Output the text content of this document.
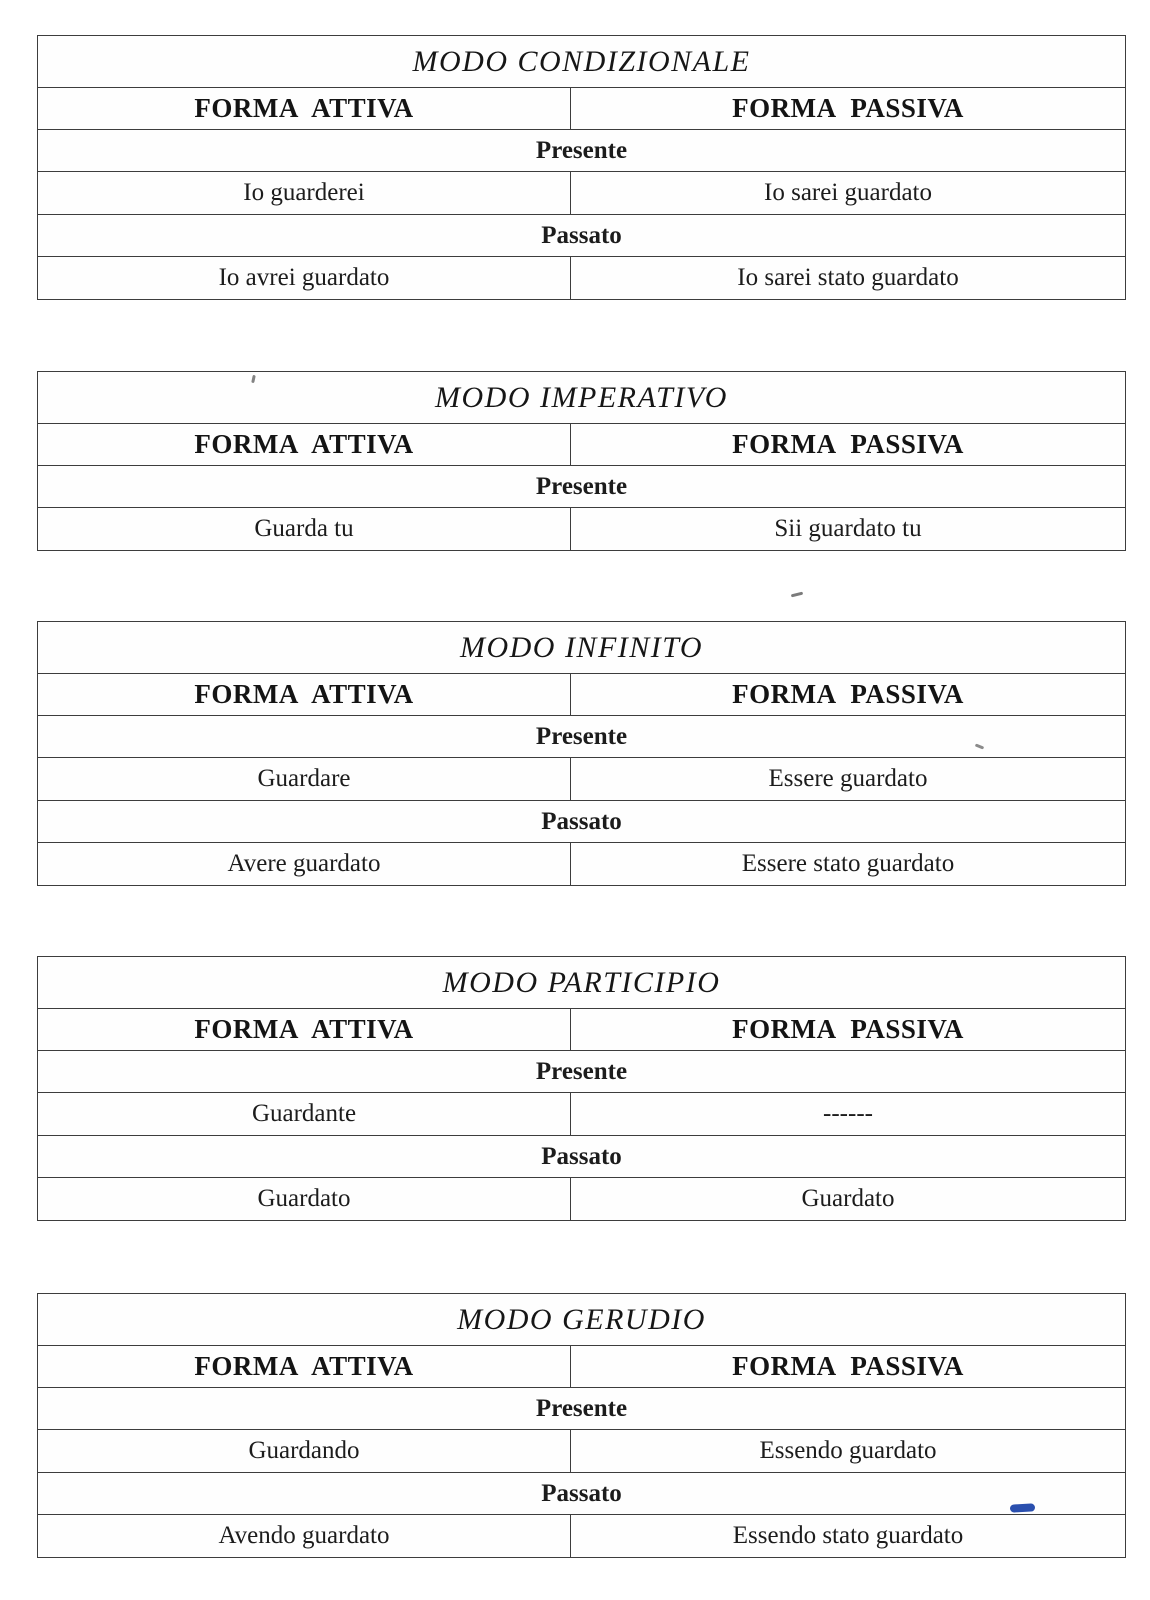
MODO CONDIZIONALE	
FORMA ATTIVA	FORMA PASSIVA
Presente	
Io guarderei	Io sarei guardato
Passato	
Io avrei guardato	Io sarei stato guardato
MODO IMPERATIVO	
FORMA ATTIVA	FORMA PASSIVA
Presente	
Guarda tu	Sii guardato tu
MODO INFINITO	
FORMA ATTIVA	FORMA PASSIVA
Presente	
Guardare	Essere guardato
Passato	
Avere guardato	Essere stato guardato
MODO PARTICIPIO	
FORMA ATTIVA	FORMA PASSIVA
Presente	
Guardante	------
Passato	
Guardato	Guardato
MODO GERUDIO	
FORMA ATTIVA	FORMA PASSIVA
Presente	
Guardando	Essendo guardato
Passato	
Avendo guardato	Essendo stato guardato
